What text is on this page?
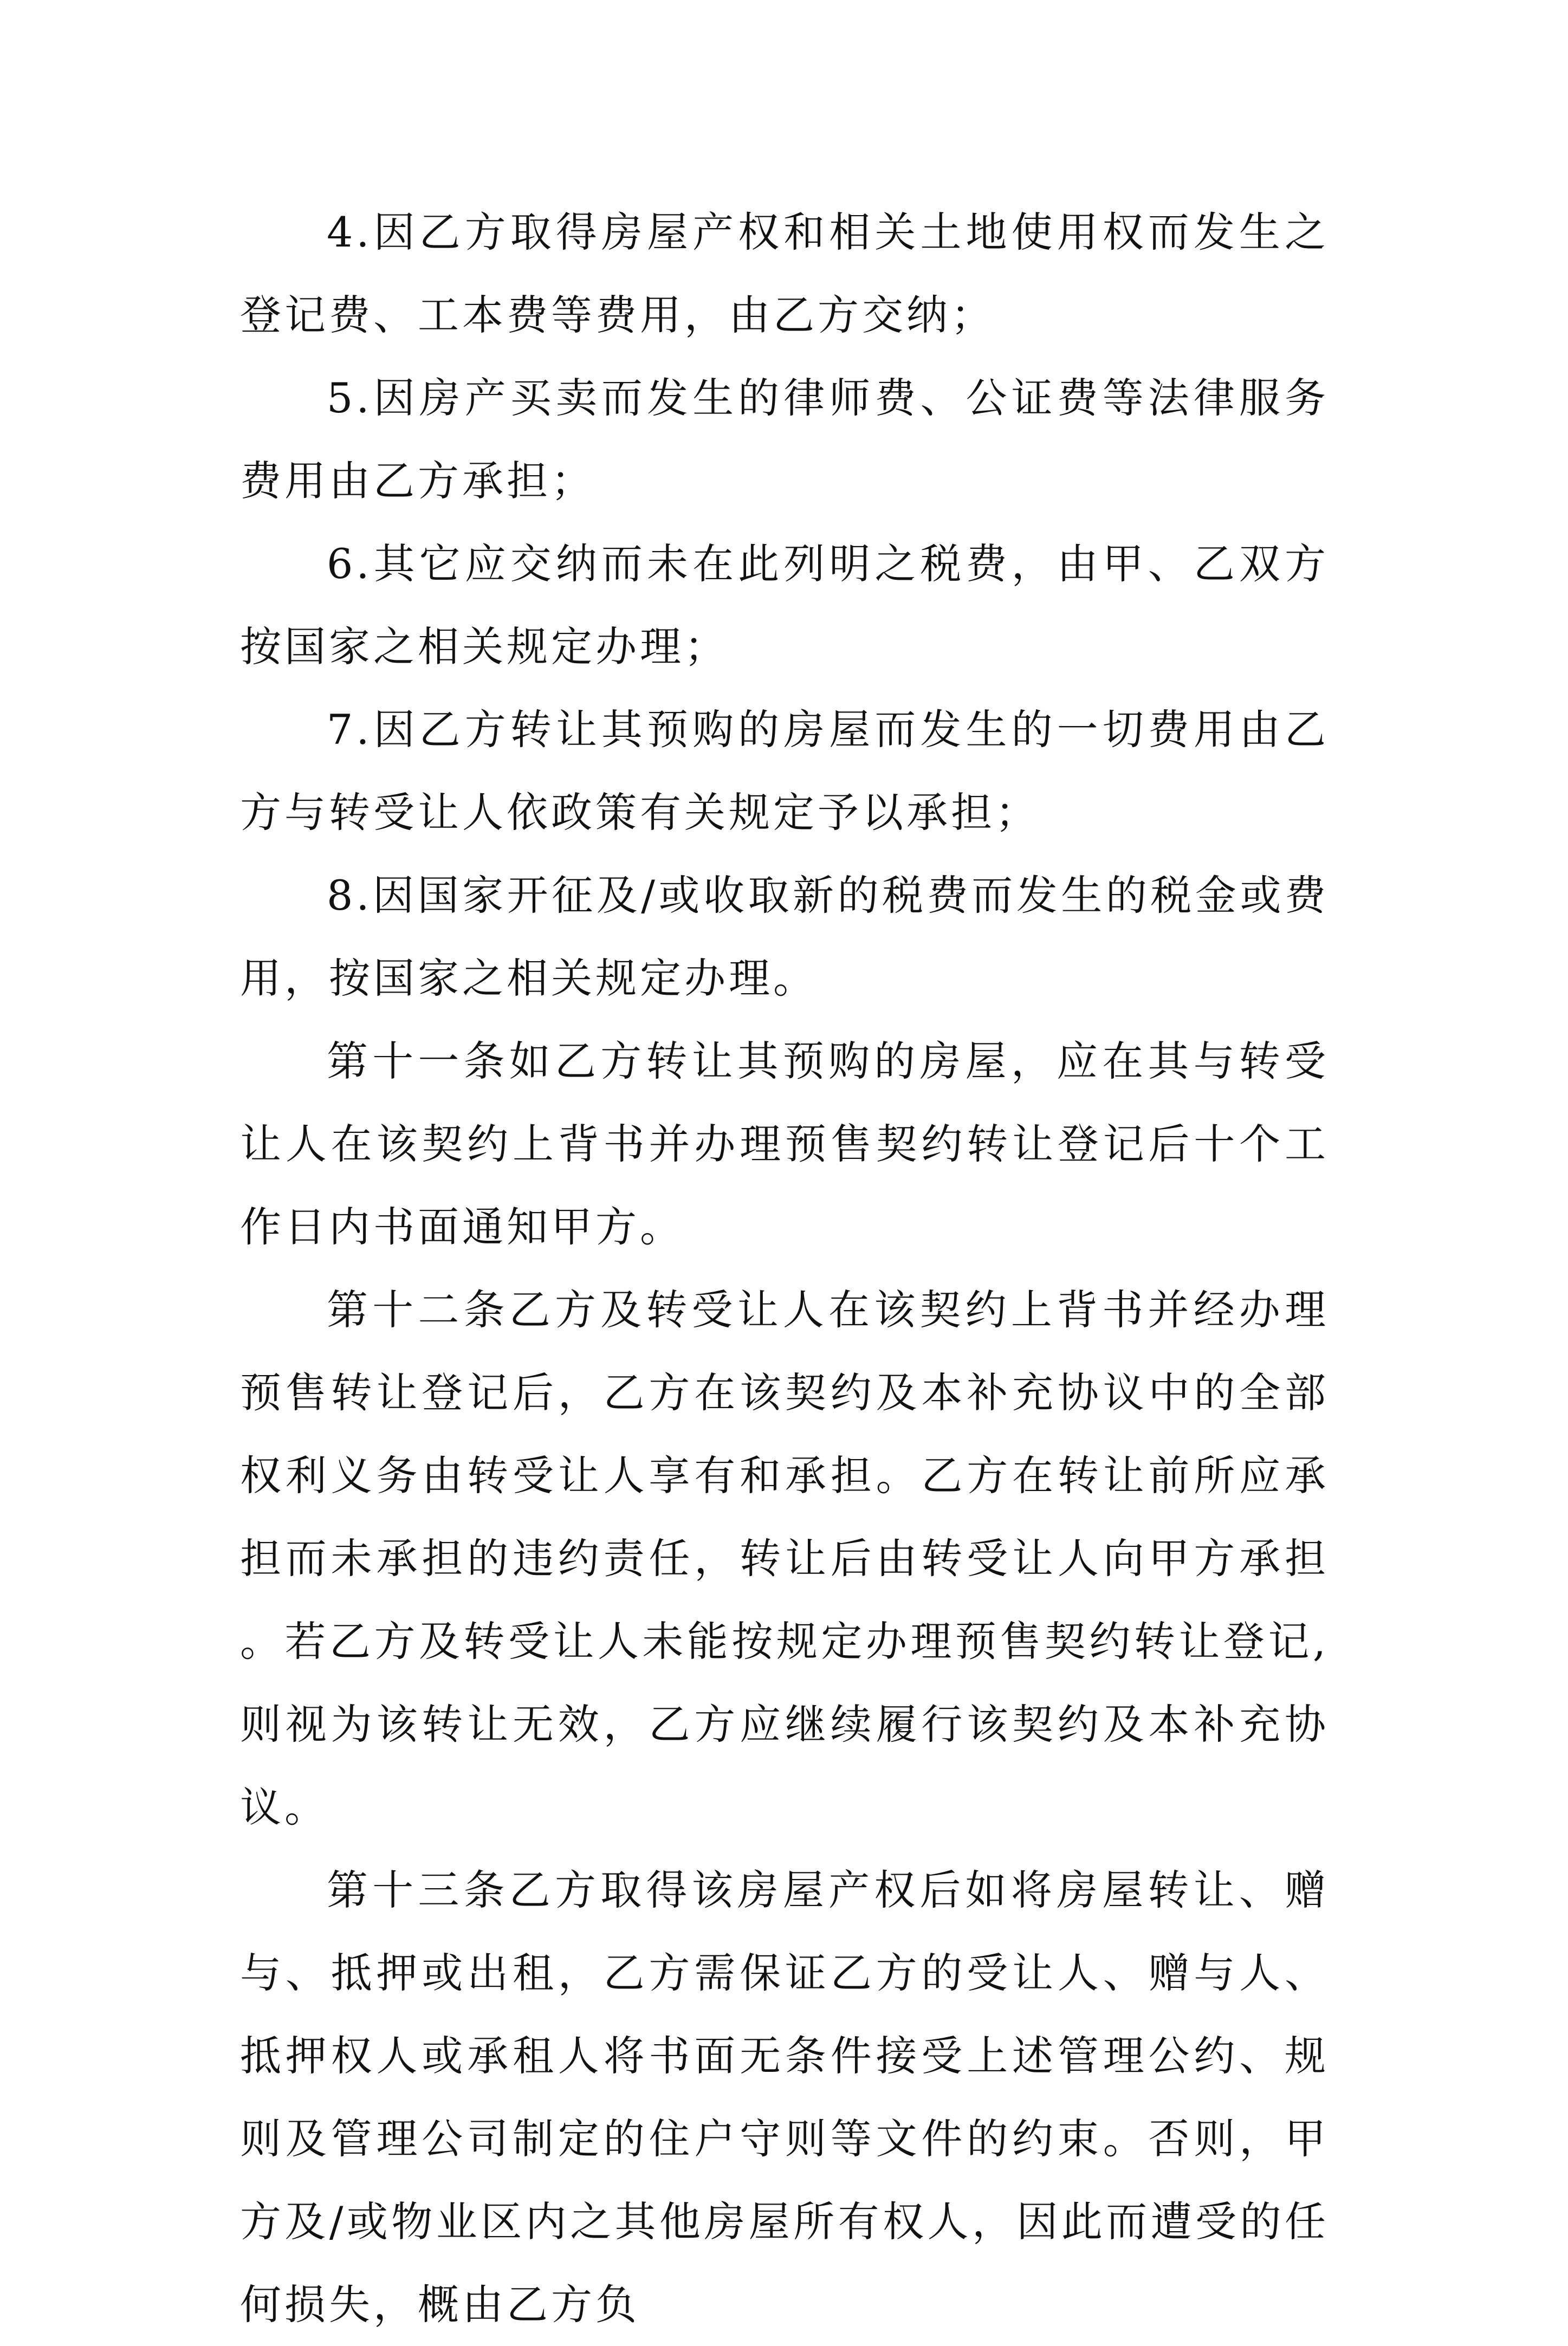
4.因乙方取得房屋产权和相关土地使用权而发生之登记费、工本费等费用，由乙方交纳；

5.因房产买卖而发生的律师费、公证费等法律服务费用由乙方承担；

6.其它应交纳而未在此列明之税费，由甲、乙双方按国家之相关规定办理；

7.因乙方转让其预购的房屋而发生的一切费用由乙方与转受让人依政策有关规定予以承担；

8.因国家开征及/或收取新的税费而发生的税金或费用，按国家之相关规定办理。

第十一条如乙方转让其预购的房屋，应在其与转受让人在该契约上背书并办理预售契约转让登记后十个工作日内书面通知甲方。

第十二条乙方及转受让人在该契约上背书并经办理预售转让登记后，乙方在该契约及本补充协议中的全部权利义务由转受让人享有和承担。乙方在转让前所应承担而未承担的违约责任，转让后由转受让人向甲方承担。若乙方及转受让人未能按规定办理预售契约转让登记,则视为该转让无效，乙方应继续履行该契约及本补充协议。

第十三条乙方取得该房屋产权后如将房屋转让、赠与、抵押或出租，乙方需保证乙方的受让人、赠与人、抵押权人或承租人将书面无条件接受上述管理公约、规则及管理公司制定的住户守则等文件的约束。否则，甲方及/或物业区内之其他房屋所有权人，因此而遭受的任何损失，概由乙方负
